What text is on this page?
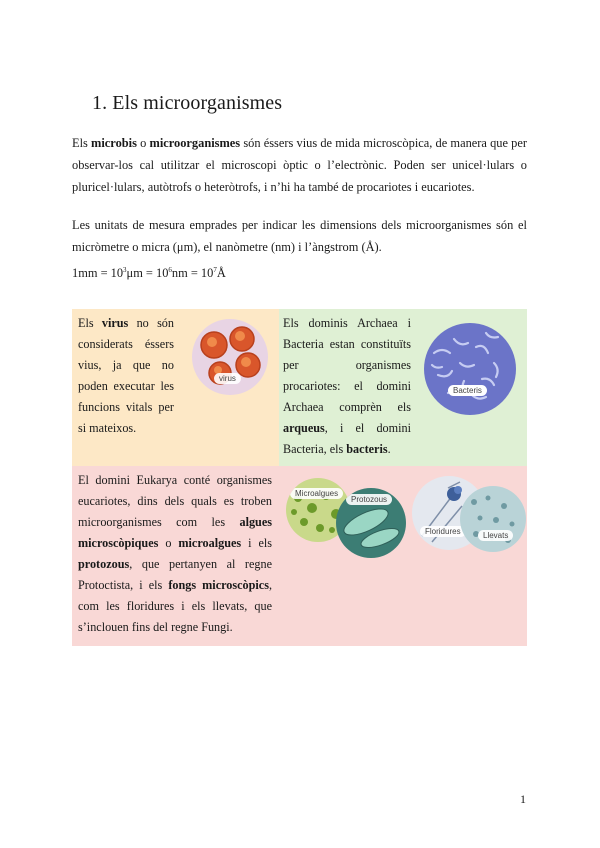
1. Els microorganismes

Els microbis o microorganismes són éssers vius de mida microscòpica, de manera que per observar-los cal utilitzar el microscopi òptic o l’electrònic. Poden ser unicel·lulars o pluricel·lulars, autòtrofs o heteròtrofs, i n’hi ha també de procariotes i eucariotes.

Les unitats de mesura emprades per indicar les dimensions dels microorganismes són el micròmetre o micra (μm), el nanòmetre (nm) i l’àngstrom (Å).

$1mm = 10^3\mu m = 10^6nm$ = $10^7Å$

Els virus no són considerats éssers vius, ja que no poden executar les funcions vitals per si mateixos.

virus

Els dominis Archaea i Bacteria estan constituïts per organismes procariotes: el domini Archaea comprèn els arqueus, i el domini Bacteria, els bacteris.

Bacteris

El domini Eukarya conté organismes eucariotes, dins dels quals es troben microorganismes com les algues microscòpiques o microalgues i els protozous, que pertanyen al regne Protoctista, i els fongs microscòpics, com les floridures i els llevats, que s’inclouen fins del regne Fungi.

Microalgues
Protozous
Floridures	Llevats
1
